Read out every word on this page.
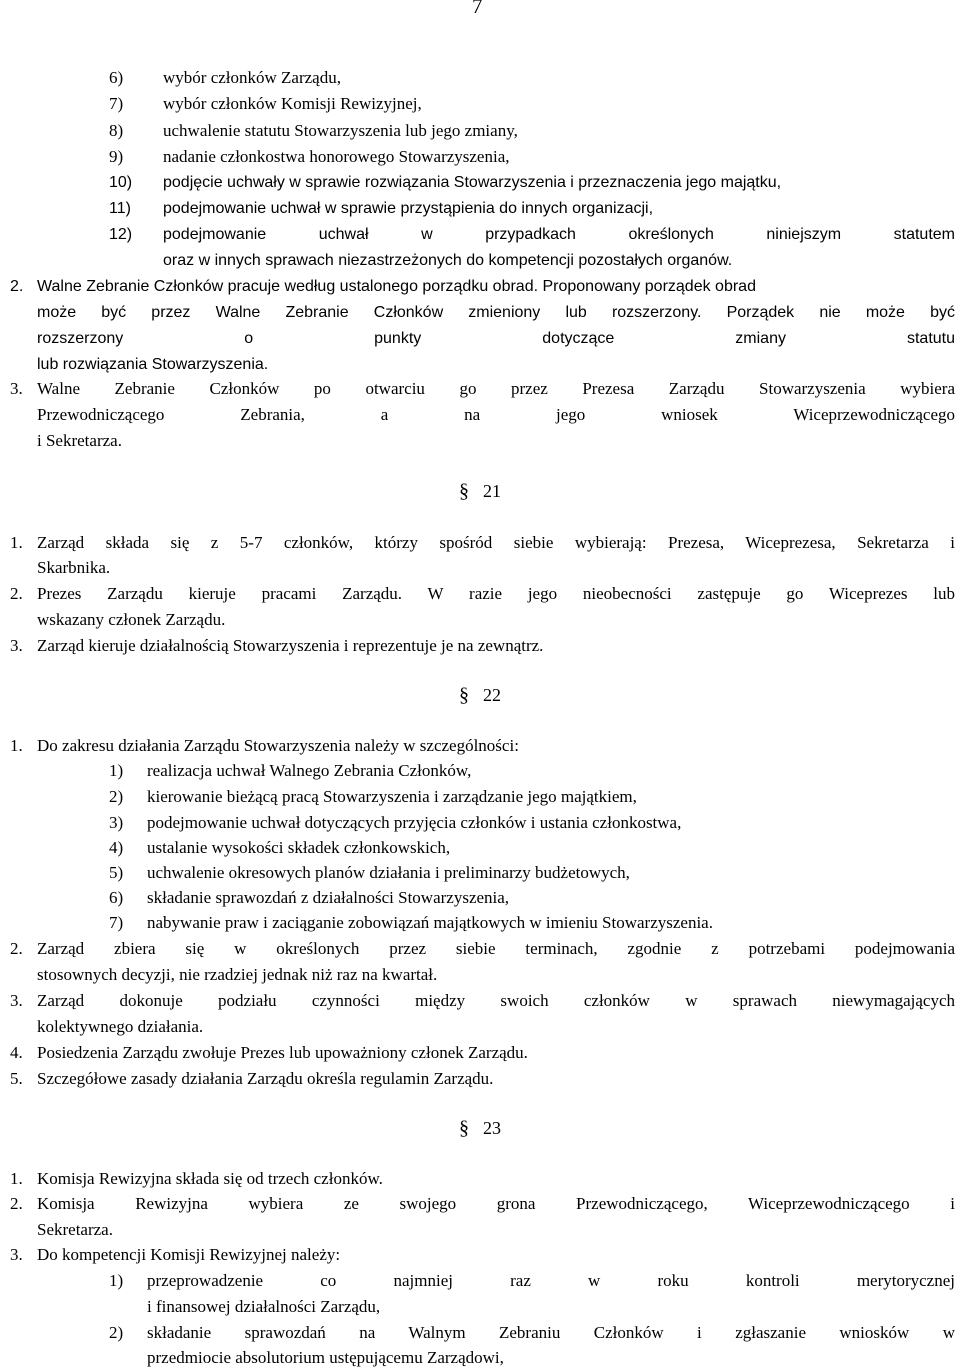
7
6) wybór członków Zarządu,
7) wybór członków Komisji Rewizyjnej,
8) uchwalenie statutu Stowarzyszenia lub jego zmiany,
9) nadanie członkostwa honorowego Stowarzyszenia,
10) podjęcie uchwały w sprawie rozwiązania Stowarzyszenia i przeznaczenia jego majątku,
11) podejmowanie uchwał w sprawie przystąpienia do innych organizacji,
12) podejmowanie uchwał w przypadkach określonych niniejszym statutem
oraz w innych sprawach niezastrzeżonych do kompetencji pozostałych organów.
2. Walne Zebranie Członków pracuje według ustalonego porządku obrad. Proponowany porządek obrad
może być przez Walne Zebranie Członków zmieniony lub rozszerzony. Porządek nie może być
rozszerzony o punkty dotyczące zmiany statutu
lub rozwiązania Stowarzyszenia.
3. Walne Zebranie Członków po otwarciu go przez Prezesa Zarządu Stowarzyszenia wybiera
Przewodniczącego Zebrania, a na jego wniosek Wiceprzewodniczącego
i Sekretarza.
§ 21
1. Zarząd składa się z 5-7 członków, którzy spośród siebie wybierają: Prezesa, Wiceprezesa, Sekretarza i
Skarbnika.
2. Prezes Zarządu kieruje pracami Zarządu. W razie jego nieobecności zastępuje go Wiceprezes lub
wskazany członek Zarządu.
3. Zarząd kieruje działalnością Stowarzyszenia i reprezentuje je na zewnątrz.
§ 22
1. Do zakresu działania Zarządu Stowarzyszenia należy w szczególności:
1) realizacja uchwał Walnego Zebrania Członków,
2) kierowanie bieżącą pracą Stowarzyszenia i zarządzanie jego majątkiem,
3) podejmowanie uchwał dotyczących przyjęcia członków i ustania członkostwa,
4) ustalanie wysokości składek członkowskich,
5) uchwalenie okresowych planów działania i preliminarzy budżetowych,
6) składanie sprawozdań z działalności Stowarzyszenia,
7) nabywanie praw i zaciąganie zobowiązań majątkowych w imieniu Stowarzyszenia.
2. Zarząd zbiera się w określonych przez siebie terminach, zgodnie z potrzebami podejmowania
stosownych decyzji, nie rzadziej jednak niż raz na kwartał.
3. Zarząd dokonuje podziału czynności między swoich członków w sprawach niewymagających
kolektywnego działania.
4. Posiedzenia Zarządu zwołuje Prezes lub upoważniony członek Zarządu.
5. Szczegółowe zasady działania Zarządu określa regulamin Zarządu.
§ 23
1. Komisja Rewizyjna składa się od trzech członków.
2. Komisja Rewizyjna wybiera ze swojego grona Przewodniczącego, Wiceprzewodniczącego i
Sekretarza.
3. Do kompetencji Komisji Rewizyjnej należy:
1) przeprowadzenie co najmniej raz w roku kontroli merytorycznej
i finansowej działalności Zarządu,
2) składanie sprawozdań na Walnym Zebraniu Członków i zgłaszanie wniosków w
przedmiocie absolutorium ustępującemu Zarządowi,
